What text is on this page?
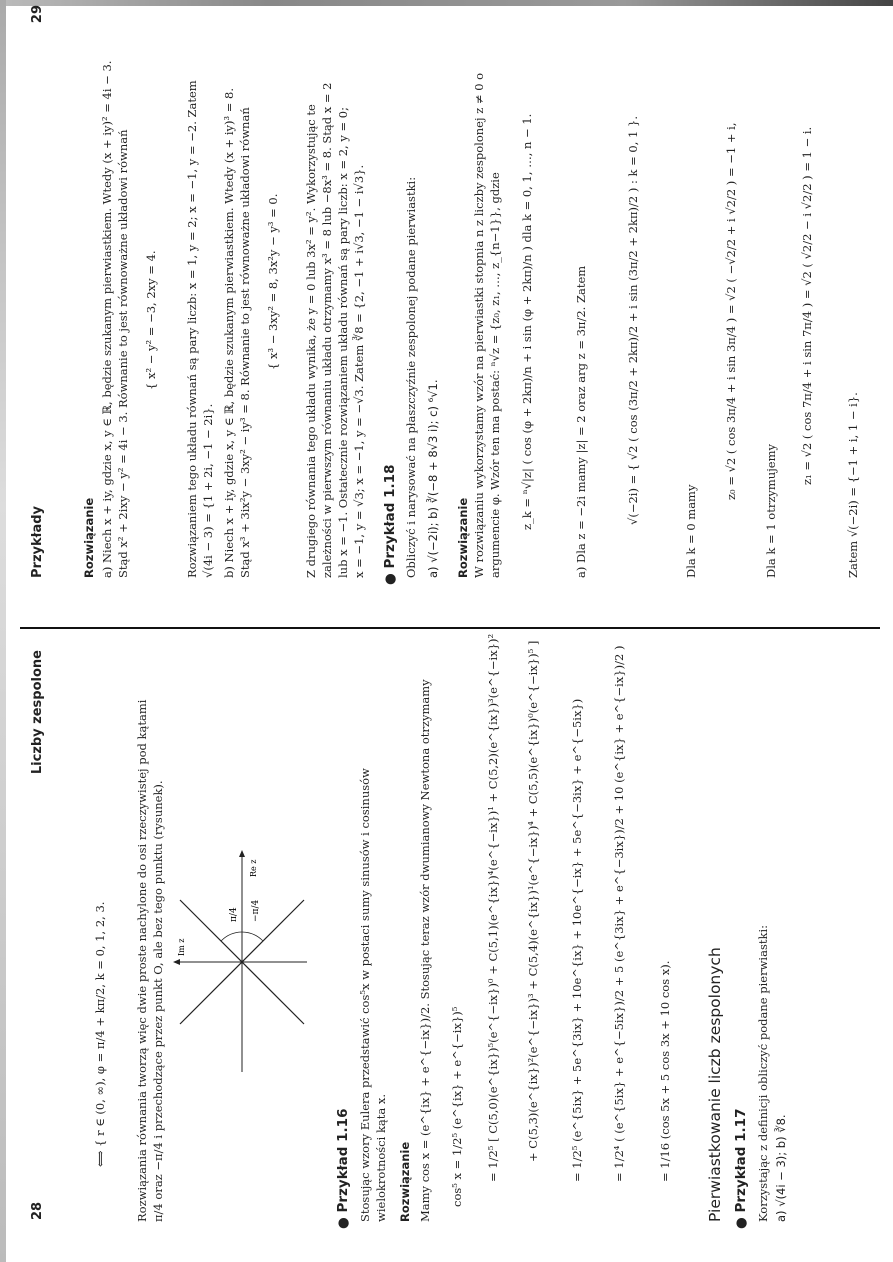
28
Liczby zespolone
⟺ { r ∈ (0, ∞), φ = π/4 + kπ/2, k = 0, 1, 2, 3. Rozwiązania równania tworzą więc dwie proste nachylone do osi rzeczywistej pod kątami π/4 oraz −π/4 i przechodzące przez punkt O, ale bez tego punktu (rysunek).	π/4 −π/4
Re z
Im z
● Przykład 1.16 Stosując wzory Eulera przedstawić cos⁵x w postaci sumy sinusów i cosinusów wielokrotności kąta x. Rozwiązanie Mamy cos x = (e^{ix} + e^{−ix})/2. Stosując teraz wzór dwumianowy Newtona otrzymamy cos⁵ x = 1/2⁵ (e^{ix} + e^{−ix})⁵ = 1/2⁵ [ C(5,0)(e^{ix})⁵(e^{−ix})⁰ + C(5,1)(e^{ix})⁴(e^{−ix})¹ + C(5,2)(e^{ix})³(e^{−ix})² + C(5,3)(e^{ix})²(e^{−ix})³ + C(5,4)(e^{ix})¹(e^{−ix})⁴ + C(5,5)(e^{ix})⁰(e^{−ix})⁵ ]	= 1/2⁵ (e^{5ix} + 5e^{3ix} + 10e^{ix} + 10e^{−ix} + 5e^{−3ix} + e^{−5ix}) = 1/2⁴ ( (e^{5ix} + e^{−5ix})/2 + 5 (e^{3ix} + e^{−3ix})/2 + 10 (e^{ix} + e^{−ix})/2 )	= 1/16 (cos 5x + 5 cos 3x + 10 cos x). Pierwiastkowanie liczb zespolonych ● Przykład 1.17 Korzystając z definicji obliczyć podane pierwiastki: a) √(4i − 3); b) ∛8.
Przykłady
29
Rozwiązanie a) Niech x + iy, gdzie x, y ∈ ℝ, będzie szukanym pierwiastkiem. Wtedy (x + iy)² = 4i − 3. Stąd x² + 2ixy − y² = 4i − 3. Równanie to jest równoważne układowi równań { x² − y² = −3, 2xy = 4. Rozwiązaniem tego układu równań są pary liczb: x = 1, y = 2; x = −1, y = −2. Zatem √(4i − 3) = {1 + 2i, −1 − 2i}. b) Niech x + iy, gdzie x, y ∈ ℝ, będzie szukanym pierwiastkiem. Wtedy (x + iy)³ = 8. Stąd x³ + 3ix²y − 3xy² − iy³ = 8. Równanie to jest równoważne układowi równań { x³ − 3xy² = 8, 3x²y − y³ = 0. Z drugiego równania tego układu wynika, że y = 0 lub 3x² = y². Wykorzystując te zależności w pierwszym równaniu układu otrzymamy x³ = 8 lub −8x³ = 8. Stąd x = 2 lub x = −1. Ostatecznie rozwiązaniem układu równań są pary liczb: x = 2, y = 0; x = −1, y = √3; x = −1, y = −√3. Zatem ∛8 = {2, −1 + i√3, −1 − i√3}. ● Przykład 1.18 Obliczyć i narysować na płaszczyźnie zespolonej podane pierwiastki: a) √(−2i); b) ∛(−8 + 8√3 i); c) ⁶√1. Rozwiązanie W rozwiązaniu wykorzystamy wzór na pierwiastki stopnia n z liczby zespolonej z ≠ 0 o argumencie φ. Wzór ten ma postać: ⁿ√z = {z₀, z₁, …, z_{n−1}}, gdzie z_k = ⁿ√|z| ( cos (φ + 2kπ)/n + i sin (φ + 2kπ)/n ) dla k = 0, 1, …, n − 1.	a) Dla z = −2i mamy |z| = 2 oraz arg z = 3π/2. Zatem	√(−2i) = { √2 ( cos (3π/2 + 2kπ)/2 + i sin (3π/2 + 2kπ)/2 ) : k = 0, 1 }.
Dla k = 0 mamy
z₀ = √2 ( cos 3π/4 + i sin 3π/4 ) = √2 ( −√2/2 + i √2/2 ) = −1 + i,
Dla k = 1 otrzymujemy
z₁ = √2 ( cos 7π/4 + i sin 7π/4 ) = √2 ( √2/2 − i √2/2 ) = 1 − i.
Zatem √(−2i) = {−1 + i, 1 − i}.
